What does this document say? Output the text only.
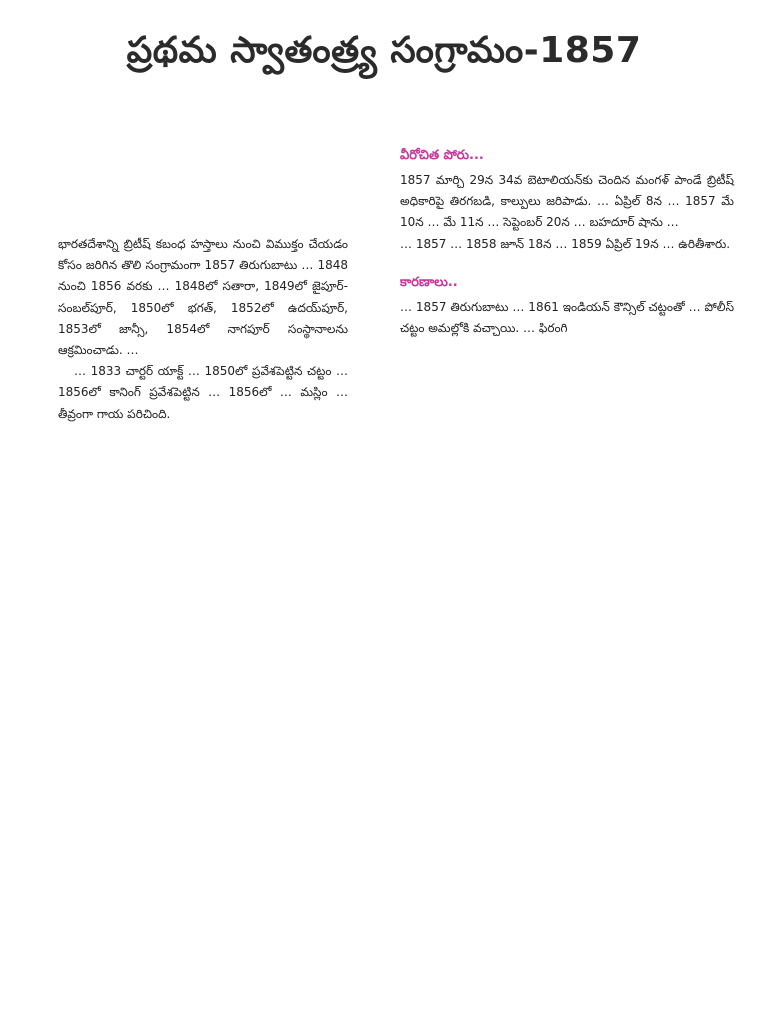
ప్రథమ స్వాతంత్ర్య సంగ్రామం-1857

భారతదేశాన్ని బ్రిటీష్ కబంధ హస్తాలు నుంచి విముక్తం చేయడం కోసం జరిగిన తొలి సంగ్రామంగా 1857 తిరుగుబాటు … 1848 నుంచి 1856 వరకు … 1848లో సతారా, 1849లో జైపూర్-సంబల్‌పూర్, 1850లో భగత్, 1852లో ఉదయ్‌పూర్, 1853లో జాన్సీ, 1854లో నాగపూర్ సంస్థానాలను ఆక్రమించాడు. …

… 1833 చార్టర్ యాక్ట్ … 1850లో ప్రవేశపెట్టిన చట్టం … 1856లో కానింగ్ ప్రవేశపెట్టిన … 1856లో … మస్లిం … తీవ్రంగా గాయ పరిచింది.

వీరోచిత పోరు...

1857 మార్చి 29న 34వ బెటాలియన్‌కు చెందిన మంగళ్ పాండే బ్రిటీష్ అధికారిపై తిరగబడి, కాల్పులు జరిపాడు. … ఏప్రిల్ 8న … 1857 మే 10న … మే 11న … సెప్టెంబర్ 20న … బహదూర్ షాను …

… 1857 … 1858 జూన్ 18న … 1859 ఏప్రిల్ 19న … ఉరితీశారు.

కారణాలు..

… 1857 తిరుగుబాటు … 1861 ఇండియన్ కౌన్సిల్ చట్టంతో … పోలీస్ చట్టం అమల్లోకి వచ్చాయి. … ఫిరంగి
